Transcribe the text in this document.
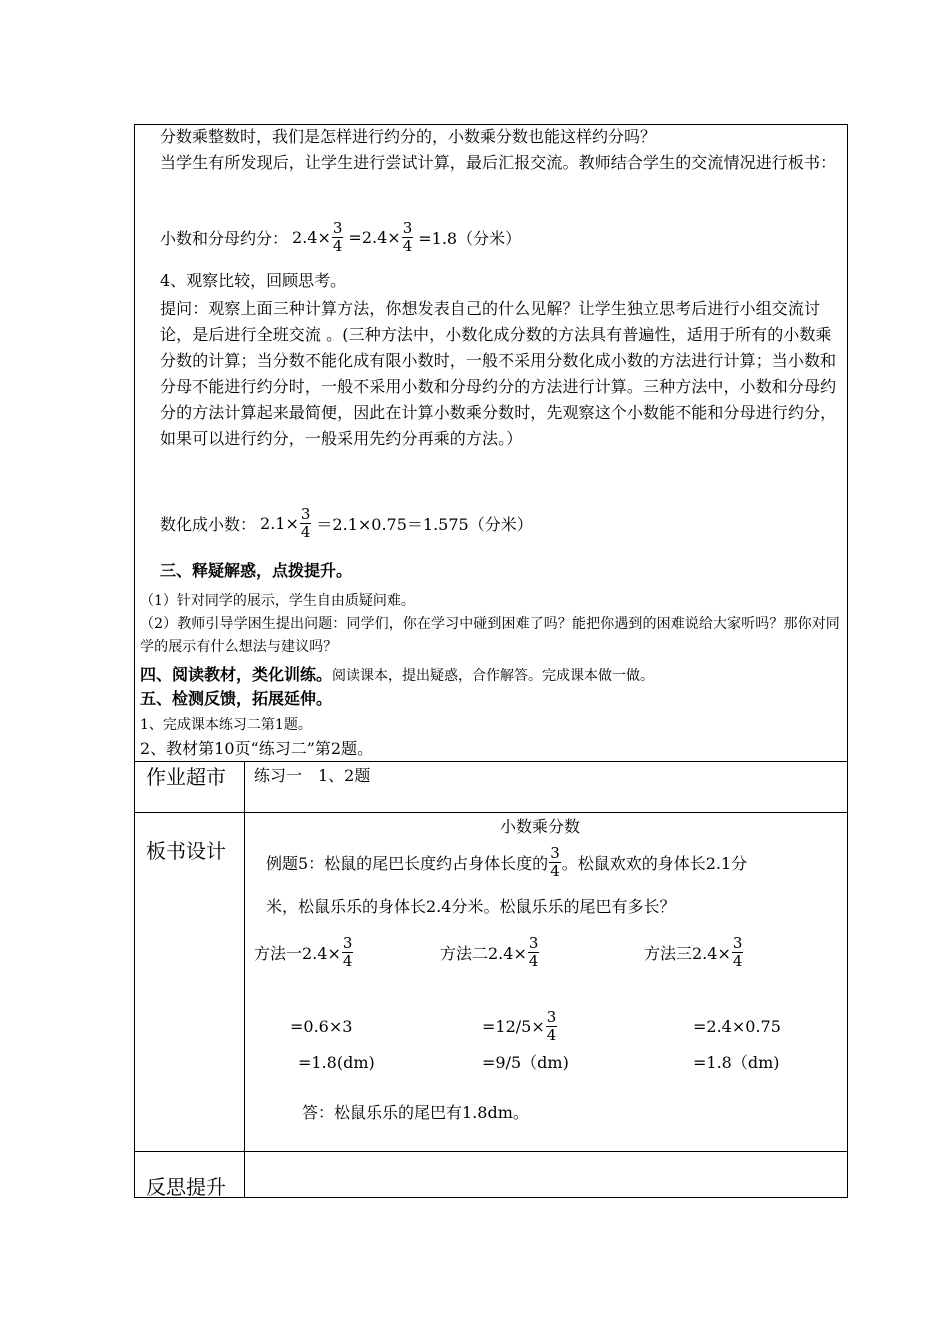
分数乘整数时，我们是怎样进行约分的，小数乘分数也能这样约分吗？
当学生有所发现后，让学生进行尝试计算，最后汇报交流。教师结合学生的交流情况进行板书：
小数和分母约分： $2.4\times \frac{3}{4} =2.4\times \frac{3}{4} =1.8$（分米）
4、观察比较，回顾思考。
提问：观察上面三种计算方法，你想发表自己的什么见解？让学生独立思考后进行小组交流讨论，是后进行全班交流 。(三种方法中，小数化成分数的方法具有普遍性，适用于所有的小数乘分数的计算；当分数不能化成有限小数时，一般不采用分数化成小数的方法进行计算；当小数和分母不能进行约分时，一般不采用小数和分母约分的方法进行计算。三种方法中，小数和分母约分的方法计算起来最简便，因此在计算小数乘分数时，先观察这个小数能不能和分母进行约分，如果可以进行约分，一般采用先约分再乘的方法。）
数化成小数： $2.1\times \frac{3}{4} =2.1\times 0.75=1.575$（分米）
三、释疑解惑，点拨提升。
（1）针对同学的展示，学生自由质疑问难。
（2）教师引导学困生提出问题：同学们，你在学习中碰到困难了吗？能把你遇到的困难说给大家听吗？那你对同学的展示有什么想法与建议吗？
四、阅读教材，类化训练。阅读课本，提出疑惑，合作解答。完成课本做一做。
五、检测反馈，拓展延伸。
1、完成课本练习二第1题。
2、教材第10页“练习二”第2题。
作业超市 练习一　1、2题
板书设计
小数乘分数
例题5：松鼠的尾巴长度约占身体长度的 $\frac{3}{4}$ 。松鼠欢欢的身体长2.1分
米，松鼠乐乐的身体长2.4分米。松鼠乐乐的尾巴有多长？
方法一$2.4\times \frac{3}{4}$	方法二$2.4\times \frac{3}{4}$	方法三$2.4\times \frac{3}{4}$
=0.6×3	$=12/5\times \frac{3}{4}$	=2.4×0.75
=1.8(dm)	=9/5（dm)	=1.8（dm)
答：松鼠乐乐的尾巴有1.8dm。
反思提升
